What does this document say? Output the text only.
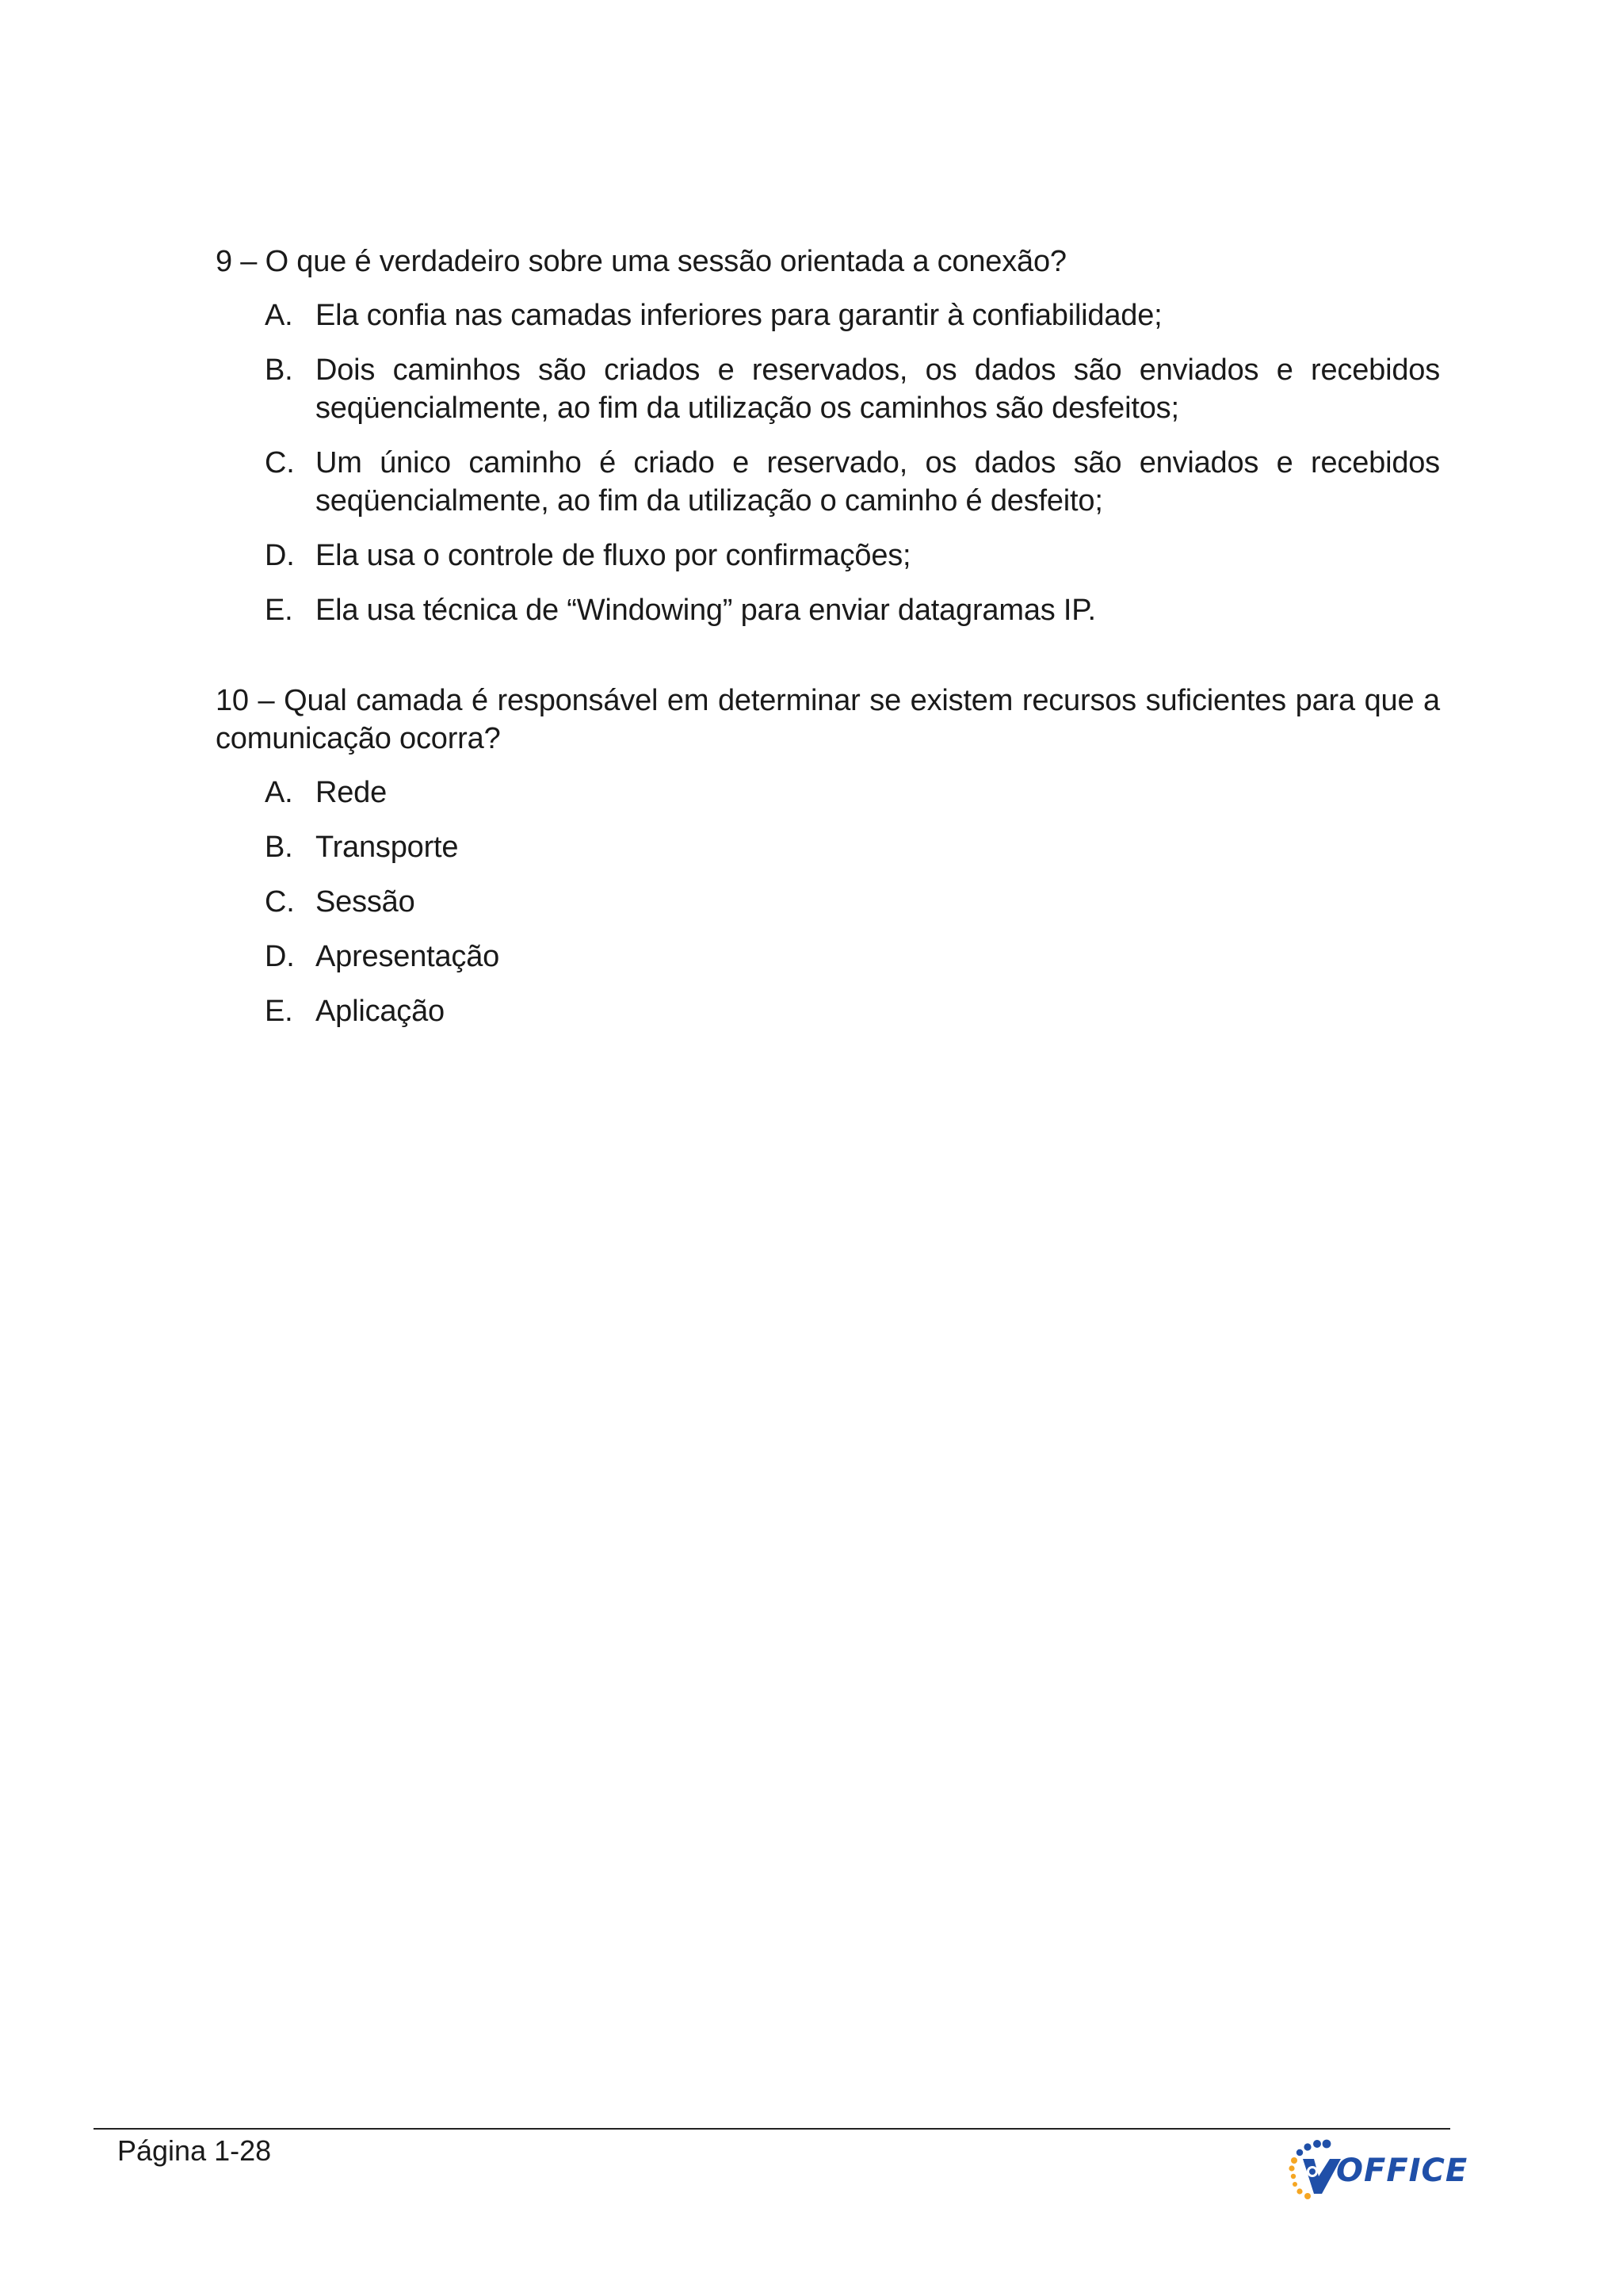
9 – O que é verdadeiro sobre uma sessão orientada a conexão?

A. Ela confia nas camadas inferiores para garantir à confiabilidade;
B. Dois caminhos são criados e reservados, os dados são enviados e recebidos seqüencialmente, ao fim da utilização os caminhos são desfeitos;
C. Um único caminho é criado e reservado, os dados são enviados e recebidos seqüencialmente, ao fim da utilização o caminho é desfeito;
D. Ela usa o controle de fluxo por confirmações;
E. Ela usa técnica de “Windowing” para enviar datagramas IP.

10 – Qual camada é responsável em determinar se existem recursos suficientes para que a comunicação ocorra?

A. Rede
B. Transporte
C. Sessão
D. Apresentação
E. Aplicação
Página 1-28
OFFICE
